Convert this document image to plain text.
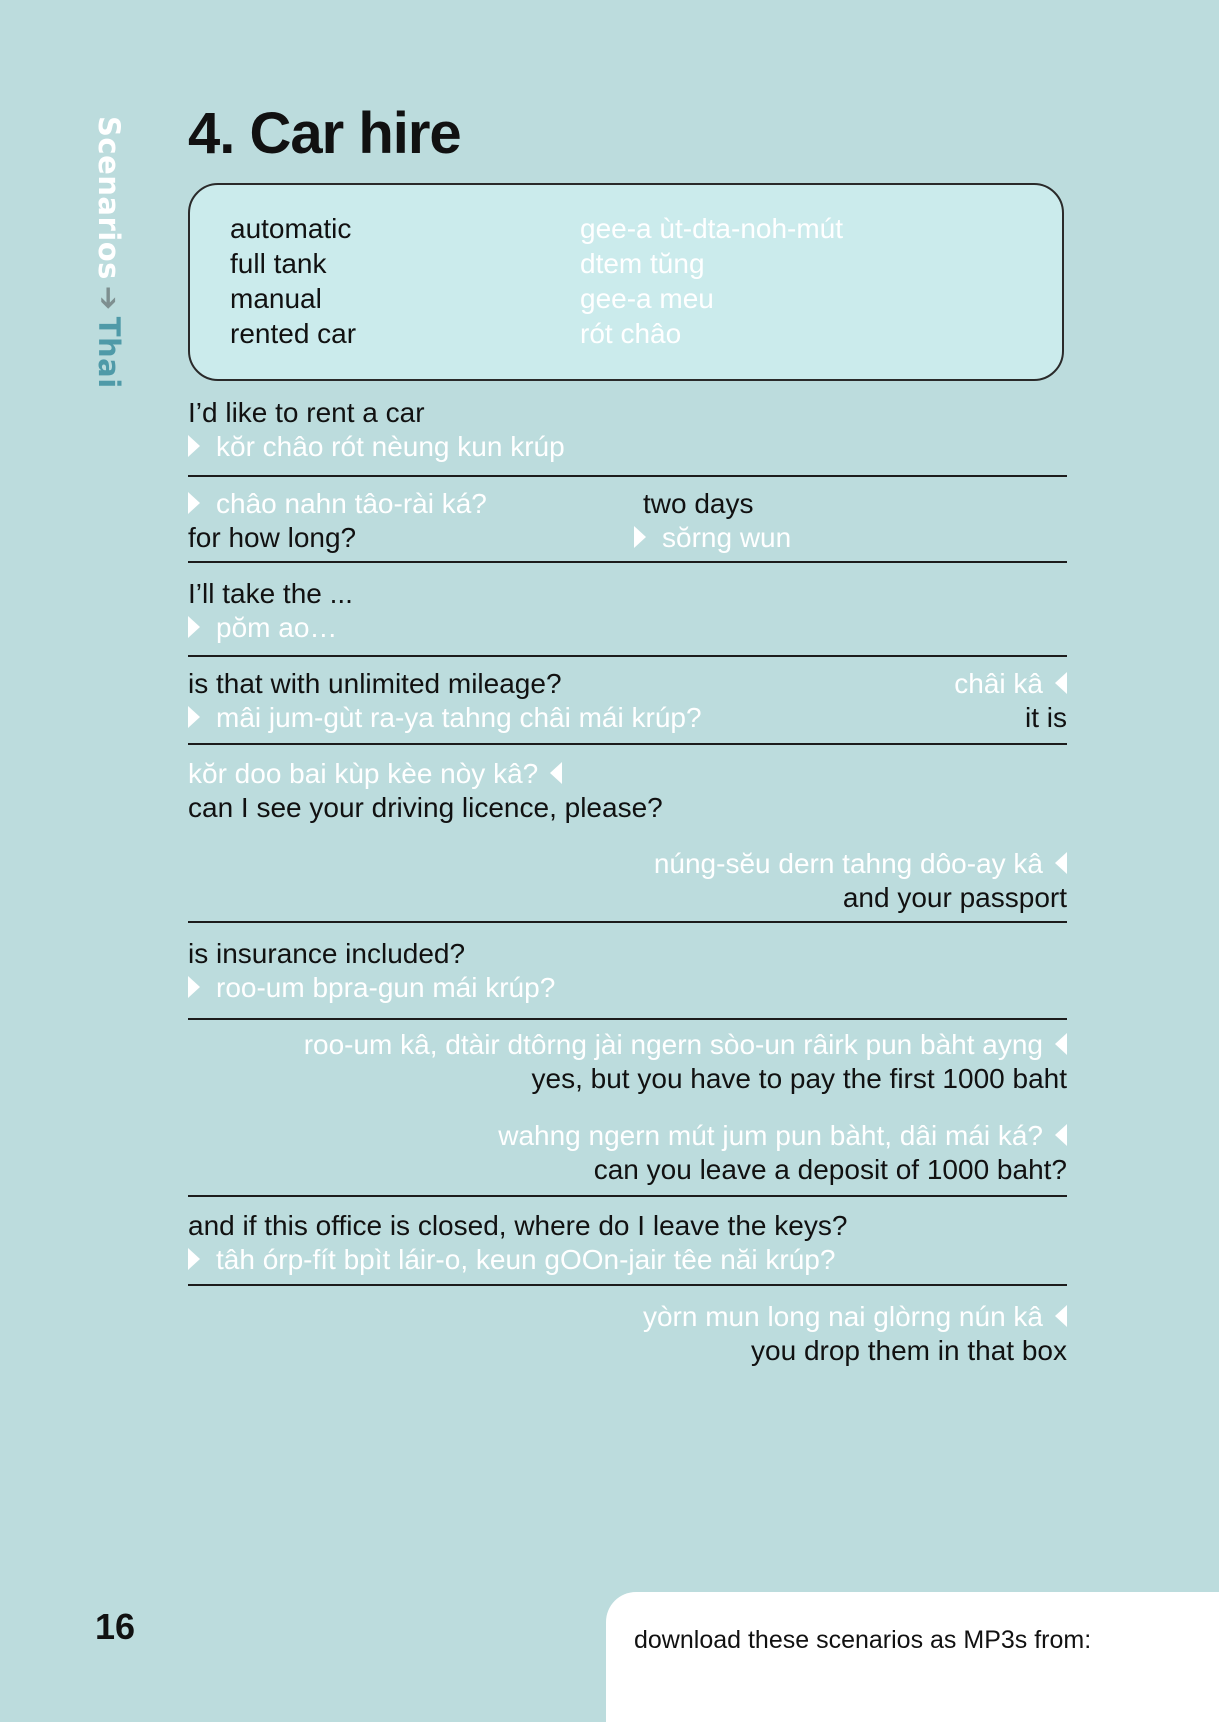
Scenarios➔Thai
4. Car hire
automatic	gee-a ùt-dta-noh-mút
full tank	dtem tŭng
manual	gee-a meu
rented car	rót châo
I’d like to rent a car
kŏr châo rót nèung kun krúp
châo nahn tâo-rài ká?
for how long?
two days
sŏrng wun
I’ll take the ...
pŏm ao…
is that with unlimited mileage?
mâi jum-gùt ra-ya tahng châi mái krúp?
châi kâ
it is
kŏr doo bai kùp kèe nòy kâ?
can I see your driving licence, please?
núng-sĕu dern tahng dôo-ay kâ
and your passport
is insurance included?
roo-um bpra-gun mái krúp?
roo-um kâ, dtàir dtôrng jài ngern sòo-un râirk pun bàht ayng
yes, but you have to pay the first 1000 baht
wahng ngern mút jum pun bàht, dâi mái ká?
can you leave a deposit of 1000 baht?
and if this office is closed, where do I leave the keys?
tâh órp-fít bpìt láir-o, keun gOOn-jair têe năi krúp?
yòrn mun long nai glòrng nún kâ
you drop them in that box
16	download these scenarios as MP3s from:
